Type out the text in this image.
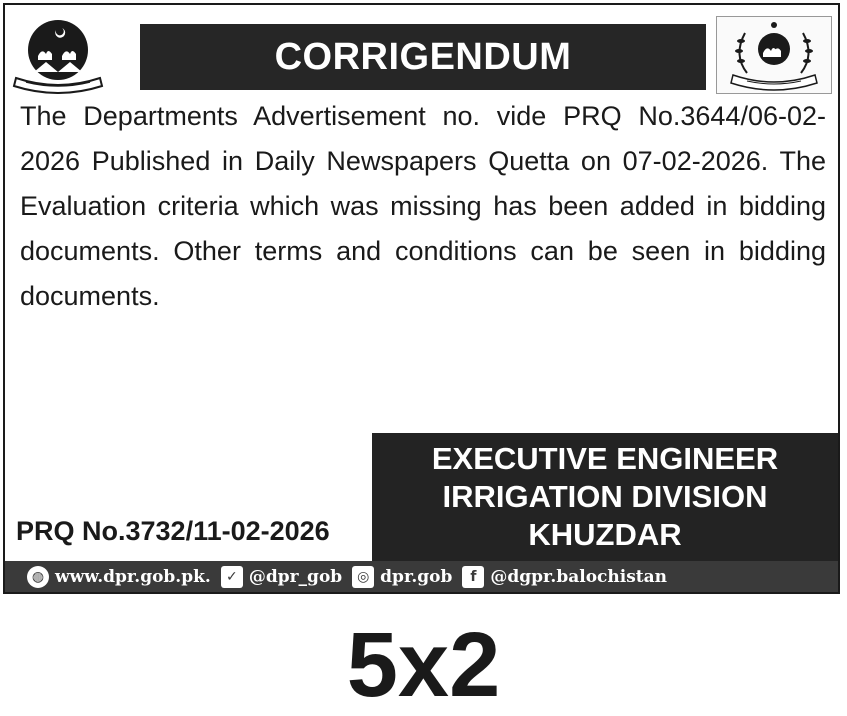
CORRIGENDUM
The Departments Advertisement no. vide PRQ No.3644/06-02-2026 Published in Daily Newspapers Quetta on 07-02-2026. The Evaluation criteria which was missing has been added in bidding documents. Other terms and conditions can be seen in bidding documents.
EXECUTIVE ENGINEER
IRRIGATION DIVISION
KHUZDAR
PRQ No.3732/11-02-2026
◍ www.dpr.gob.pk.	✓ @dpr_gob	◎ dpr.gob	f @dgpr.balochistan
5x2
